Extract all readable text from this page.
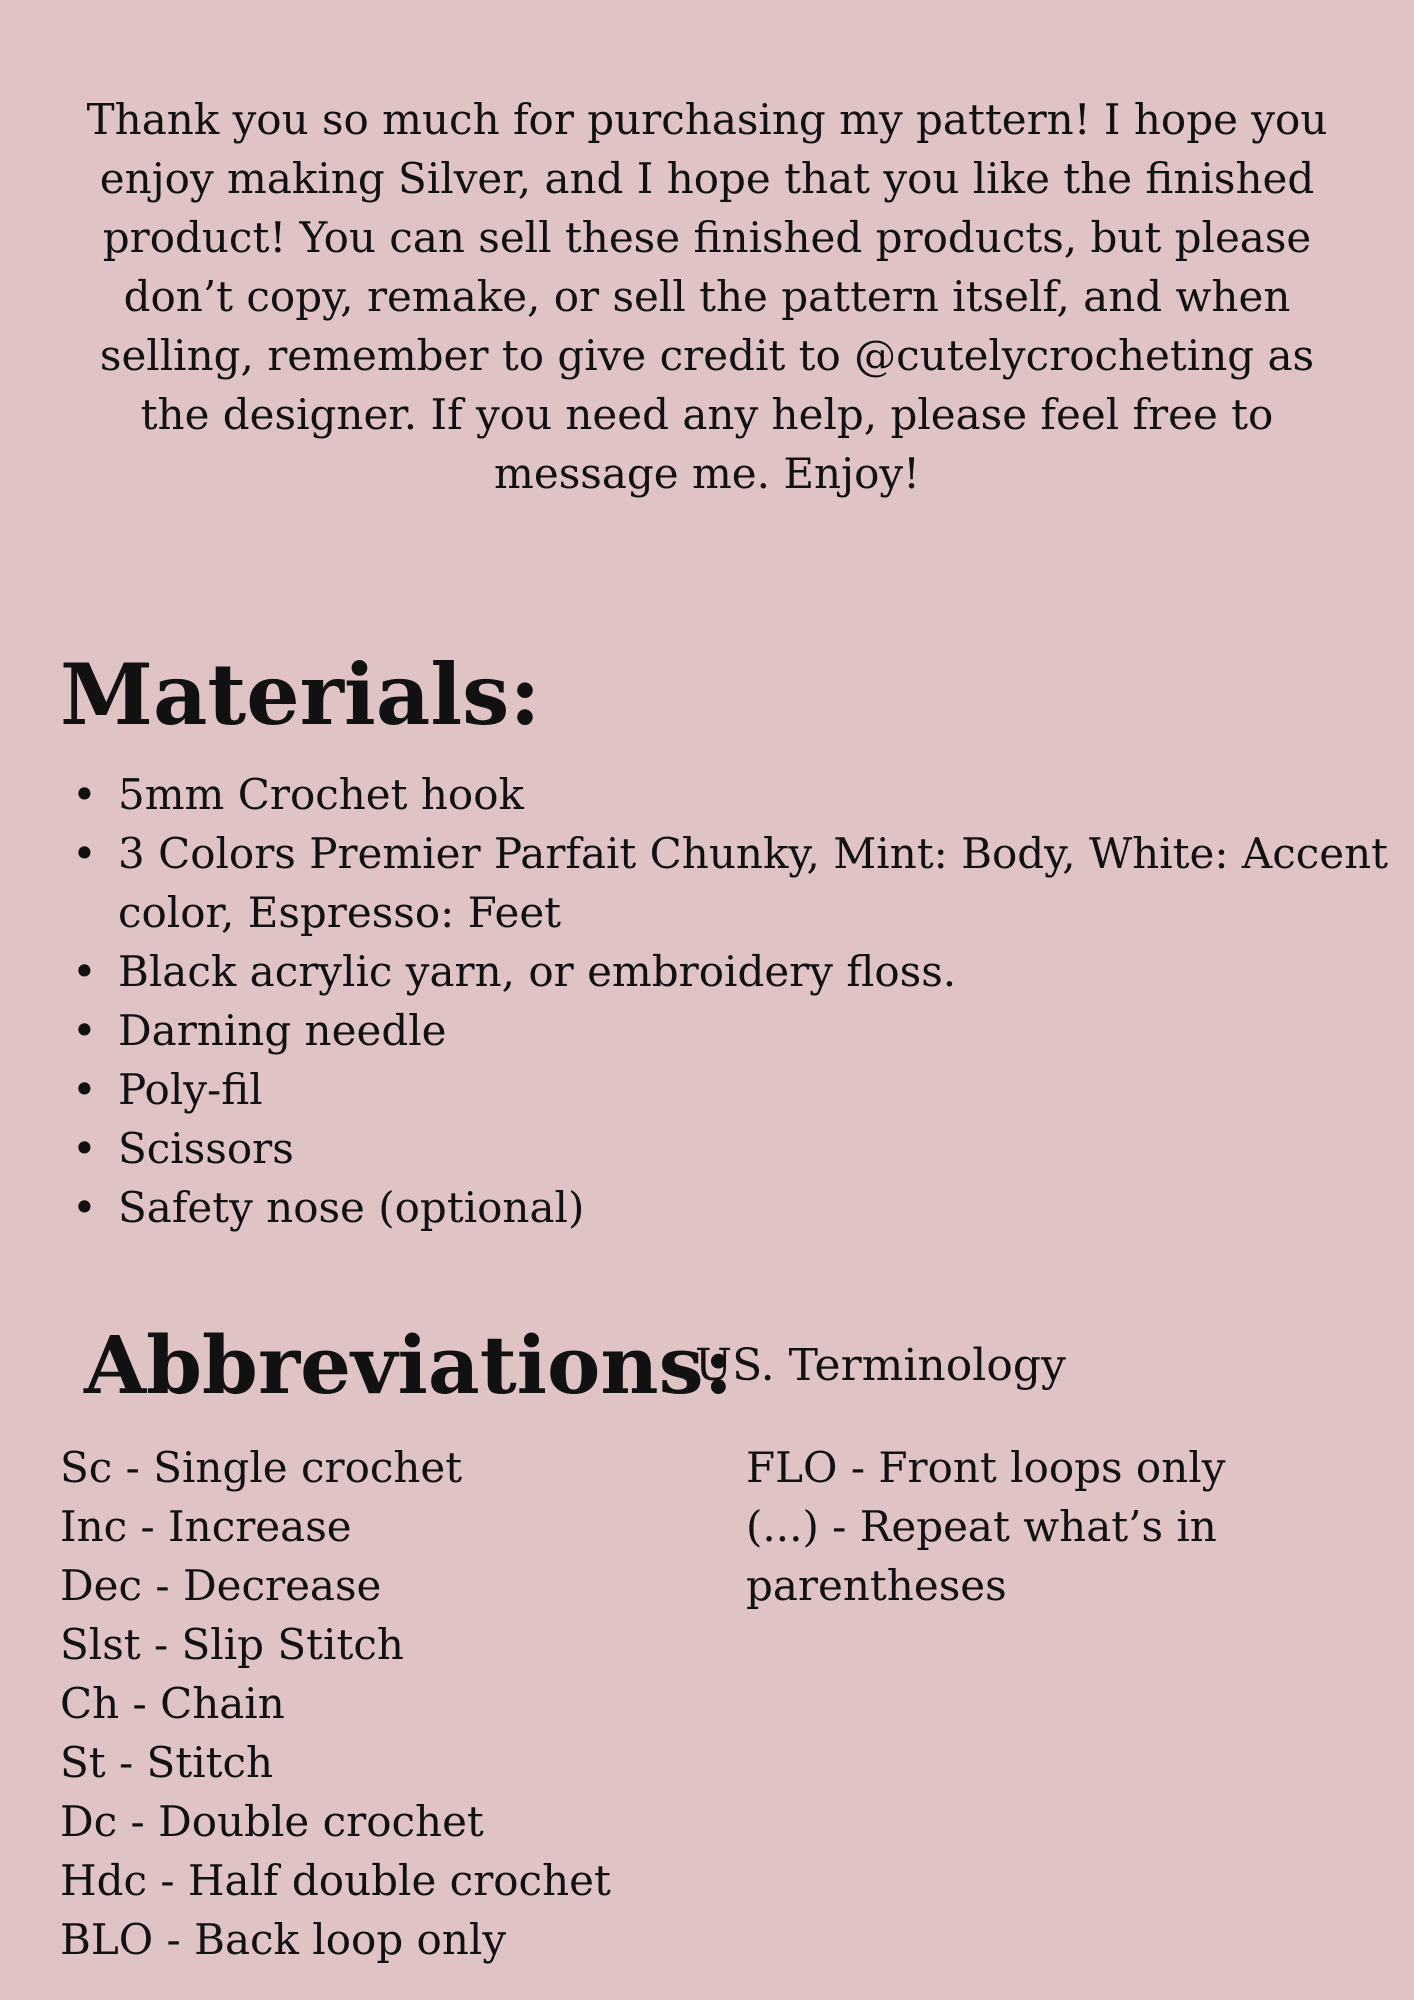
Thank you so much for purchasing my pattern! I hope you enjoy making Silver, and I hope that you like the finished product! You can sell these finished products, but please don’t copy, remake, or sell the pattern itself, and when selling, remember to give credit to @cutelycrocheting as the designer. If you need any help, please feel free to message me. Enjoy!

Materials:
• 5mm Crochet hook
• 3 Colors Premier Parfait Chunky, Mint: Body, White: Accent color, Espresso: Feet
• Black acrylic yarn, or embroidery floss.
• Darning needle
• Poly-fil
• Scissors
• Safety nose (optional)
Abbreviations:
US. Terminology
Sc - Single crochet
Inc - Increase
Dec - Decrease
Slst - Slip Stitch
Ch - Chain
St - Stitch
Dc - Double crochet
Hdc - Half double crochet
BLO - Back loop only
FLO - Front loops only
(...) - Repeat what’s in parentheses
